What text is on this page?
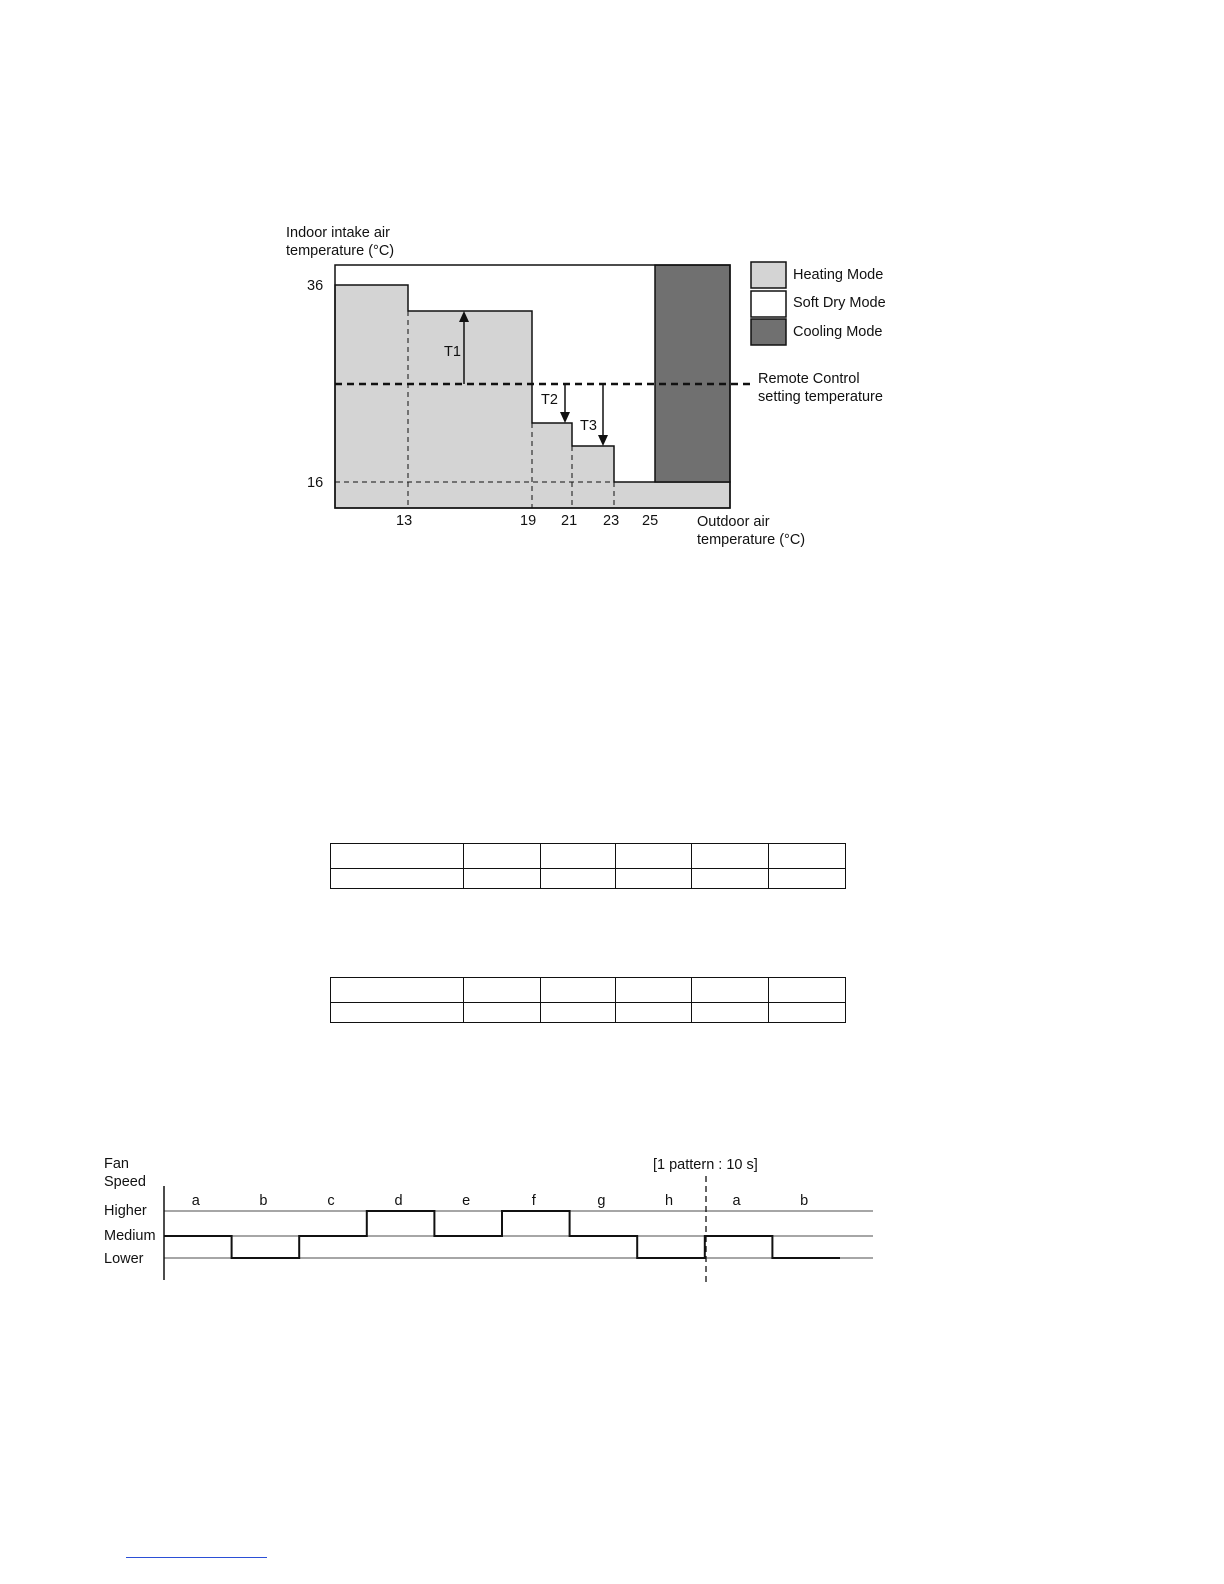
Indoor intake air
temperature (°C)
36
16
13	19 21 23 25	Outdoor air
temperature (°C)
T1
T2
T3
Remote Control
setting temperature
Heating Mode
Soft Dry Mode
Cooling Mode

Fan
Speed
Higher
Medium
Lower
[1 pattern : 10 s]
a	b	c	d	e	f	g	h	a	b
